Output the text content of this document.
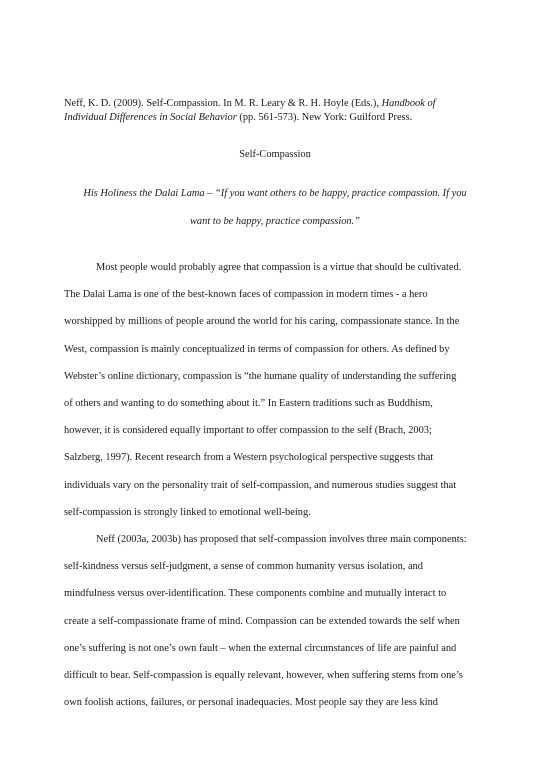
Neff, K. D. (2009). Self-Compassion. In M. R. Leary & R. H. Hoyle (Eds.), Handbook of
Individual Differences in Social Behavior (pp. 561-573). New York: Guilford Press.

Self-Compassion

His Holiness the Dalai Lama – “If you want others to be happy, practice compassion. If you
want to be happy, practice compassion.”

Most people would probably agree that compassion is a virtue that should be cultivated.
The Dalai Lama is one of the best-known faces of compassion in modern times - a hero
worshipped by millions of people around the world for his caring, compassionate stance. In the
West, compassion is mainly conceptualized in terms of compassion for others. As defined by
Webster’s online dictionary, compassion is “the humane quality of understanding the suffering
of others and wanting to do something about it.” In Eastern traditions such as Buddhism,
however, it is considered equally important to offer compassion to the self (Brach, 2003;
Salzberg, 1997). Recent research from a Western psychological perspective suggests that
individuals vary on the personality trait of self-compassion, and numerous studies suggest that
self-compassion is strongly linked to emotional well-being.
Neff (2003a, 2003b) has proposed that self-compassion involves three main components:
self-kindness versus self-judgment, a sense of common humanity versus isolation, and
mindfulness versus over-identification. These components combine and mutually interact to
create a self-compassionate frame of mind. Compassion can be extended towards the self when
one’s suffering is not one’s own fault – when the external circumstances of life are painful and
difficult to bear. Self-compassion is equally relevant, however, when suffering stems from one’s
own foolish actions, failures, or personal inadequacies. Most people say they are less kind
